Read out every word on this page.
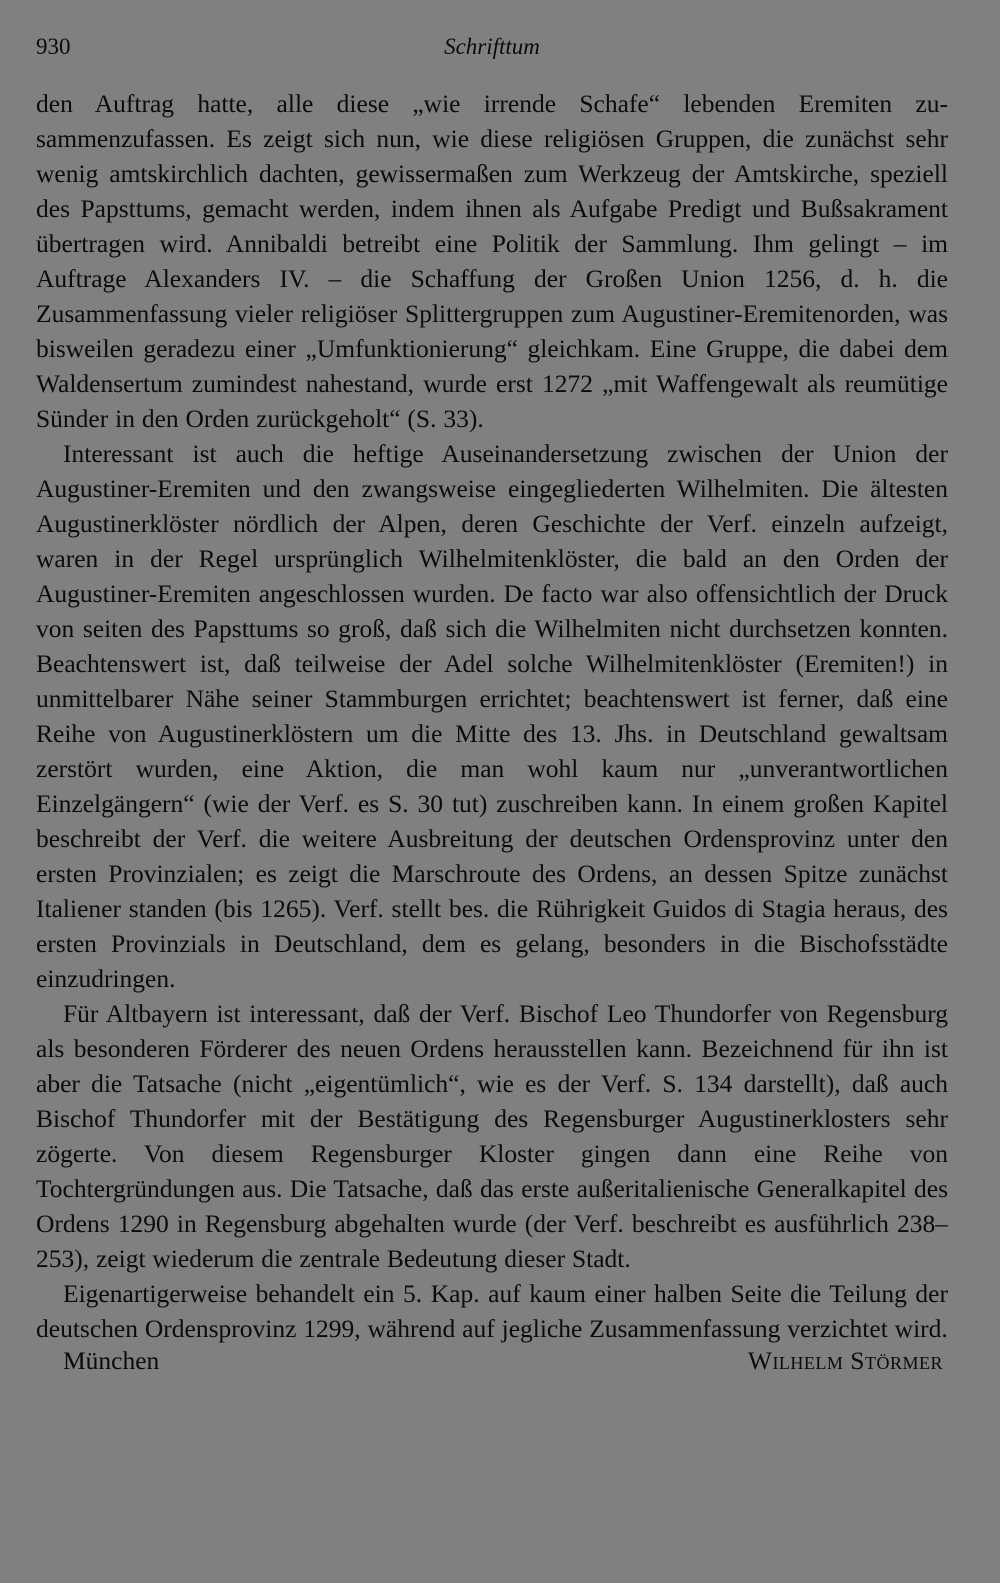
930	Schrifttum

den Auftrag hatte, alle diese „wie irrende Schafe“ lebenden Eremiten zusammenzufassen. Es zeigt sich nun, wie diese religiösen Gruppen, die zunächst sehr wenig amtskirchlich dachten, gewissermaßen zum Werkzeug der Amtskirche, speziell des Papsttums, gemacht werden, indem ihnen als Aufgabe Predigt und Bußsakrament übertragen wird. Annibaldi betreibt eine Politik der Sammlung. Ihm gelingt – im Auftrage Alexanders IV. – die Schaffung der Großen Union 1256, d. h. die Zusammenfassung vieler religiöser Splittergruppen zum Augustiner-Eremitenorden, was bisweilen geradezu einer „Umfunktionierung“ gleichkam. Eine Gruppe, die dabei dem Waldensertum zumindest nahestand, wurde erst 1272 „mit Waffengewalt als reumütige Sünder in den Orden zurückgeholt“ (S. 33).

Interessant ist auch die heftige Auseinandersetzung zwischen der Union der Augustiner-Eremiten und den zwangsweise eingegliederten Wilhelmiten. Die ältesten Augustinerklöster nördlich der Alpen, deren Geschichte der Verf. einzeln aufzeigt, waren in der Regel ursprünglich Wilhelmitenklöster, die bald an den Orden der Augustiner-Eremiten angeschlossen wurden. De facto war also offensichtlich der Druck von seiten des Papsttums so groß, daß sich die Wilhelmiten nicht durchsetzen konnten. Beachtenswert ist, daß teilweise der Adel solche Wilhelmitenklöster (Eremiten!) in unmittelbarer Nähe seiner Stammburgen errichtet; beachtenswert ist ferner, daß eine Reihe von Augustinerklöstern um die Mitte des 13. Jhs. in Deutschland gewaltsam zerstört wurden, eine Aktion, die man wohl kaum nur „unverantwortlichen Einzelgängern“ (wie der Verf. es S. 30 tut) zuschreiben kann. In einem großen Kapitel beschreibt der Verf. die weitere Ausbreitung der deutschen Ordensprovinz unter den ersten Provinzialen; es zeigt die Marschroute des Ordens, an dessen Spitze zunächst Italiener standen (bis 1265). Verf. stellt bes. die Rührigkeit Guidos di Stagia heraus, des ersten Provinzials in Deutschland, dem es gelang, besonders in die Bischofsstädte einzudringen.

Für Altbayern ist interessant, daß der Verf. Bischof Leo Thundorfer von Regensburg als besonderen Förderer des neuen Ordens herausstellen kann. Bezeichnend für ihn ist aber die Tatsache (nicht „eigentümlich“, wie es der Verf. S. 134 darstellt), daß auch Bischof Thundorfer mit der Bestätigung des Regensburger Augustinerklosters sehr zögerte. Von diesem Regensburger Kloster gingen dann eine Reihe von Tochtergründungen aus. Die Tatsache, daß das erste außeritalienische Generalkapitel des Ordens 1290 in Regensburg abgehalten wurde (der Verf. beschreibt es ausführlich 238–253), zeigt wiederum die zentrale Bedeutung dieser Stadt.

Eigenartigerweise behandelt ein 5. Kap. auf kaum einer halben Seite die Teilung der deutschen Ordensprovinz 1299, während auf jegliche Zusammenfassung verzichtet wird.

München	Wilhelm Störmer
